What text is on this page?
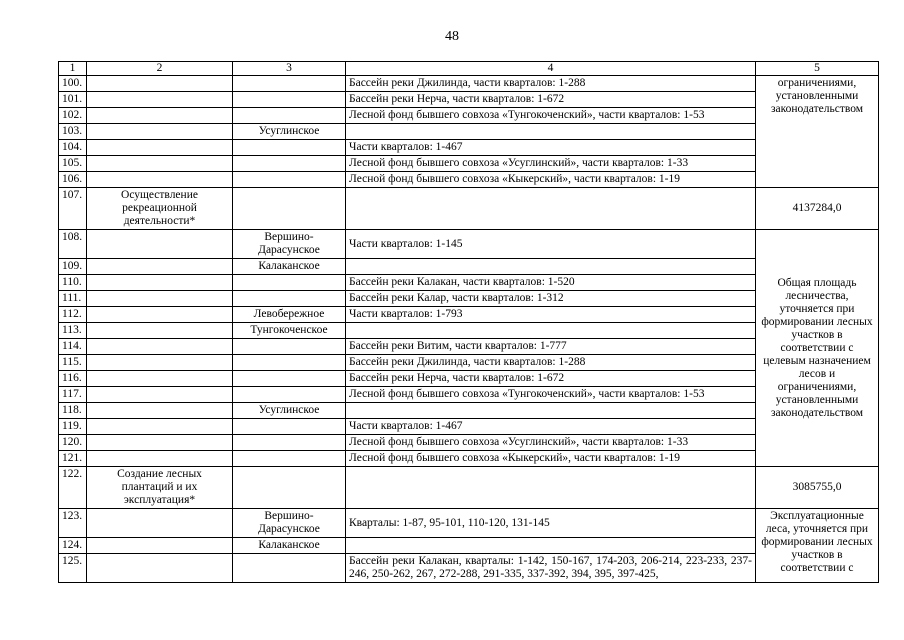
48
1	2	3	4	5
100.			Бассейн реки Джилинда, части кварталов: 1-288	ограничениями, установленными законодательством
101.			Бассейн реки Нерча, части кварталов: 1-672	
102.			Лесной фонд бывшего совхоза «Тунгокоченский», части кварталов: 1-53	
103.		Усуглинское		
104.			Части кварталов: 1-467	
105.			Лесной фонд бывшего совхоза «Усуглинский», части кварталов: 1-33	
106.			Лесной фонд бывшего совхоза «Кыкерский», части кварталов: 1-19	
107.	Осуществление рекреационной деятельности*			4137284,0
108.		Вершино-Дарасунское	Части кварталов: 1-145	Общая площадь лесничества, уточняется при формировании лесных участков в соответствии с целевым назначением лесов и ограничениями, установленными законодательством
109.		Калаканское		
110.			Бассейн реки Калакан, части кварталов: 1-520	
111.			Бассейн реки Калар, части кварталов: 1-312	
112.		Левобережное	Части кварталов: 1-793	
113.		Тунгокоченское		
114.			Бассейн реки Витим, части кварталов: 1-777	
115.			Бассейн реки Джилинда, части кварталов: 1-288	
116.			Бассейн реки Нерча, части кварталов: 1-672	
117.			Лесной фонд бывшего совхоза «Тунгокоченский», части кварталов: 1-53	
118.		Усуглинское		
119.			Части кварталов: 1-467	
120.			Лесной фонд бывшего совхоза «Усуглинский», части кварталов: 1-33	
121.			Лесной фонд бывшего совхоза «Кыкерский», части кварталов: 1-19	
122.	Создание лесных плантаций и их эксплуатация*			3085755,0
123.		Вершино-Дарасунское	Кварталы: 1-87, 95-101, 110-120, 131-145	Эксплуатационные леса, уточняется при формировании лесных участков в соответствии с
124.		Калаканское		
125.			Бассейн реки Калакан, кварталы: 1-142, 150-167, 174-203, 206-214, 223-233, 237-246, 250-262, 267, 272-288, 291-335, 337-392, 394, 395, 397-425,	
